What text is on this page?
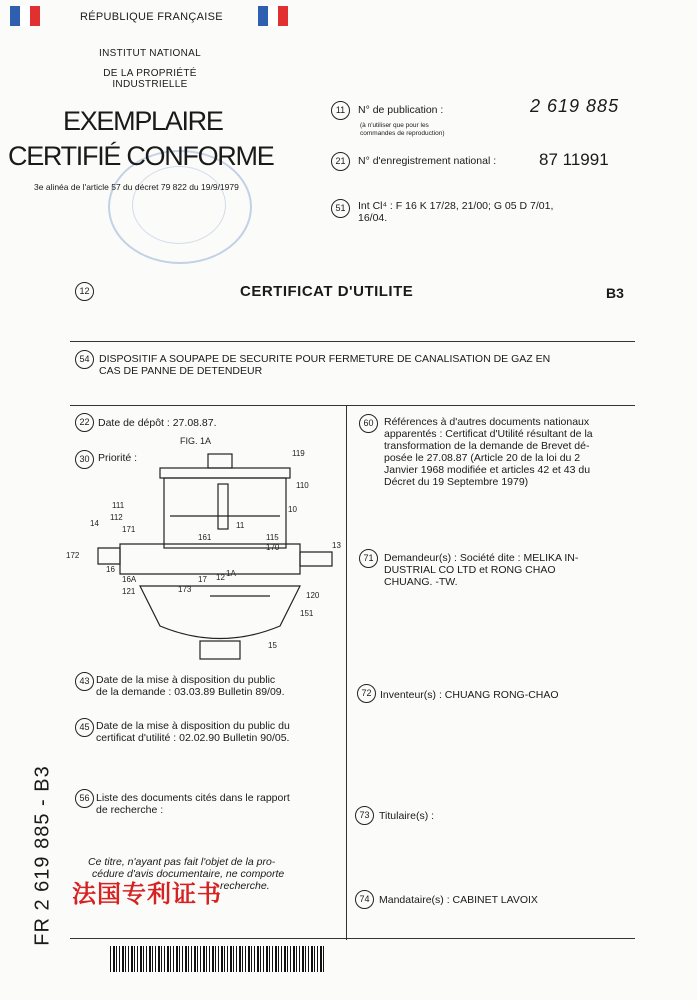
RÉPUBLIQUE FRANÇAISE
INSTITUT NATIONAL
DE LA PROPRIÉTÉ INDUSTRIELLE
EXEMPLAIRE
CERTIFIÉ CONFORME
3e alinéa de l'article 57 du décret 79 822 du 19/9/1979
11	N° de publication :
(à n'utiliser que pour les
commandes de reproduction)
2 619 885
21	N° d'enregistrement national :	87 11991
51	Int Cl⁴ : F 16 K 17/28, 21/00; G 05 D 7/01,
16/04.
12	CERTIFICAT D'UTILITE	B3
54 DISPOSITIF A SOUPAPE DE SECURITE POUR FERMETURE DE CANALISATION DE GAZ EN
CAS DE PANNE DE DETENDEUR
22 Date de dépôt : 27.08.87.
30 Priorité :
FIG. 1A
119
110
10
11
111
112
171
161
14
172
16
16A
121	173
17
1A
12
115
170	13
120
151
15
43 Date de la mise à disposition du public
de la demande : 03.03.89 Bulletin 89/09.
45 Date de la mise à disposition du public du
certificat d'utilité : 02.02.90 Bulletin 90/05.
56 Liste des documents cités dans le rapport
de recherche :
Ce titre, n'ayant pas fait l'objet de la pro-
cédure d'avis documentaire, ne comporte
recherche.
法国专利证书
FR 2 619 885 - B3
60	Références à d'autres documents nationaux
apparentés : Certificat d'Utilité résultant de la
transformation de la demande de Brevet dé-
posée le 27.08.87 (Article 20 de la loi du 2
Janvier 1968 modifiée et articles 42 et 43 du
Décret du 19 Septembre 1979)
71	Demandeur(s) : Société dite : MELIKA IN-
DUSTRIAL CO LTD et RONG CHAO
CHUANG. -TW.
72 Inventeur(s) : CHUANG RONG-CHAO
73 Titulaire(s) :
74 Mandataire(s) : CABINET LAVOIX
